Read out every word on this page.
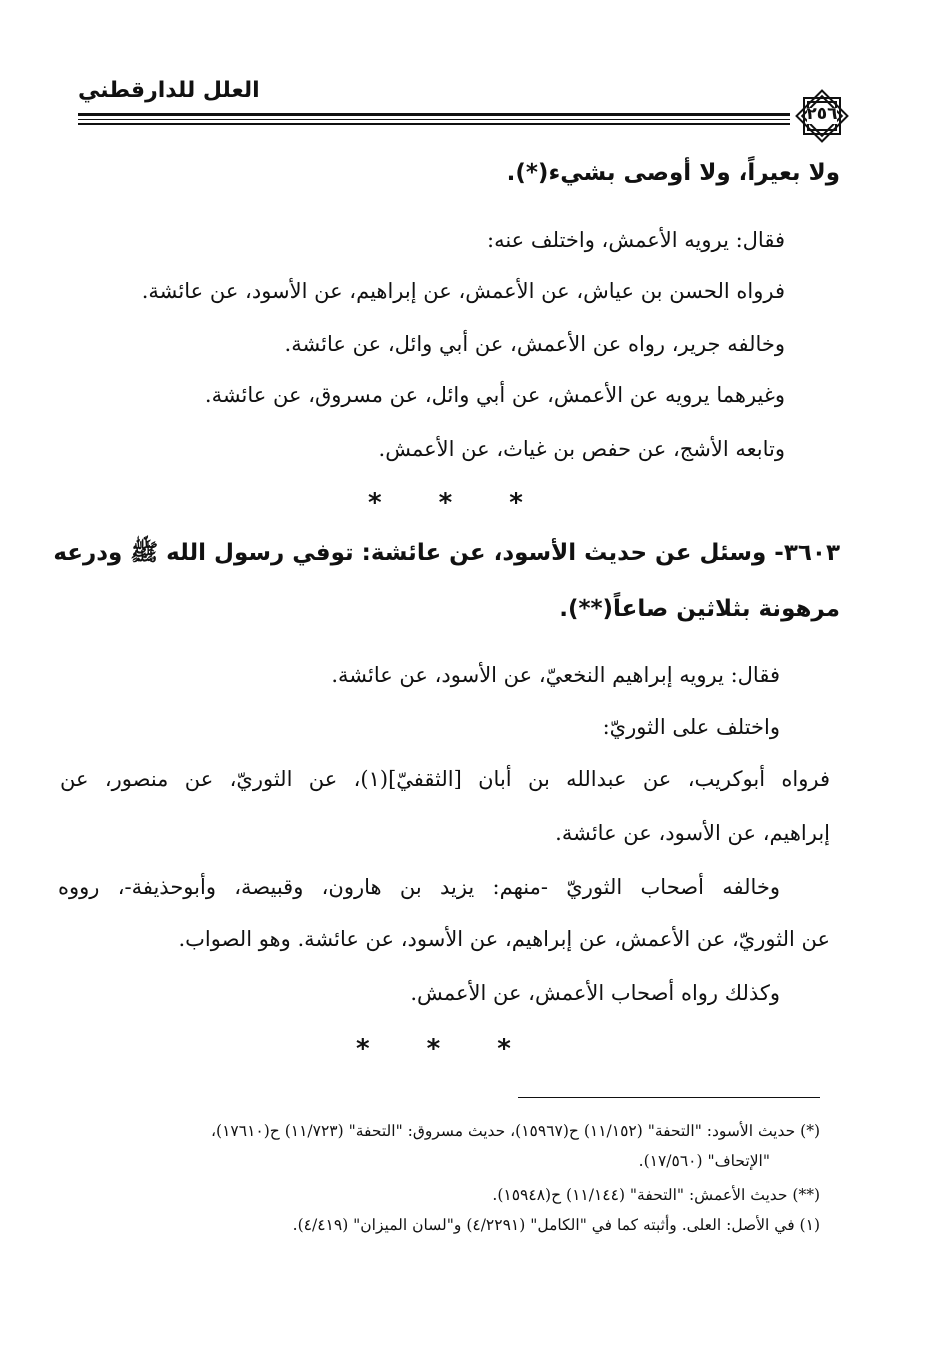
العلل للدارقطني
٢٥٦
ولا بعيراً، ولا أوصى بشيء(*).
فقال: يرويه الأعمش، واختلف عنه:
فرواه الحسن بن عياش، عن الأعمش، عن إبراهيم، عن الأسود، عن عائشة.
وخالفه جرير، رواه عن الأعمش، عن أبي وائل، عن عائشة.
وغيرهما يرويه عن الأعمش، عن أبي وائل، عن مسروق، عن عائشة.
وتابعه الأشج، عن حفص بن غياث، عن الأعمش.
* * *
٣٦٠٣- وسئل عن حديث الأسود، عن عائشة: توفي رسول الله ﷺ ودرعه
مرهونة بثلاثين صاعاً(**).
فقال: يرويه إبراهيم النخعيّ، عن الأسود، عن عائشة.
واختلف على الثوريّ:
فرواه أبوكريب، عن عبدالله بن أبان [الثقفيّ](١)، عن الثوريّ، عن منصور، عن
إبراهيم، عن الأسود، عن عائشة.
وخالفه أصحاب الثوريّ -منهم: يزيد بن هارون، وقبيصة، وأبوحذيفة-، رووه
عن الثوريّ، عن الأعمش، عن إبراهيم، عن الأسود، عن عائشة. وهو الصواب.
وكذلك رواه أصحاب الأعمش، عن الأعمش.
* * *
(*) حديث الأسود: "التحفة" (١١/١٥٢) ح(١٥٩٦٧)، حديث مسروق: "التحفة" (١١/٧٢٣) ح(١٧٦١٠)،
"الإتحاف" (١٧/٥٦٠).
(**) حديث الأعمش: "التحفة" (١١/١٤٤) ح(١٥٩٤٨).
(١) في الأصل: العلى. وأثبته كما في "الكامل" (٤/٢٢٩١) و"لسان الميزان" (٤/٤١٩).
